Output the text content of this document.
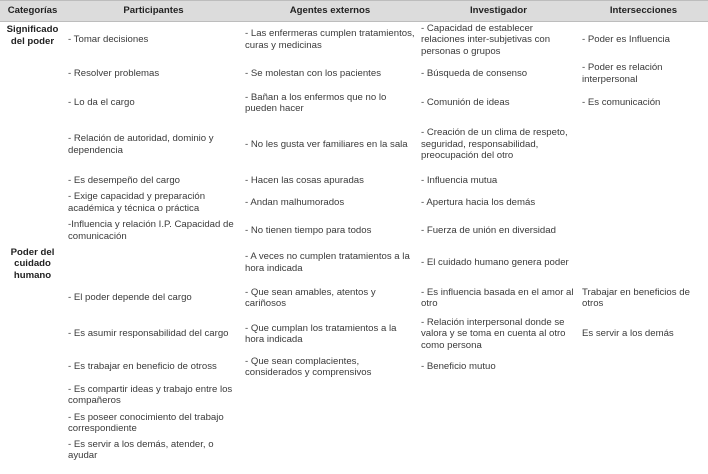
Categorías	Participantes	Agentes externos	Investigador	Intersecciones

Significado del poder	- Tomar decisiones	- Las enfermeras cumplen tratamientos, curas y medicinas	- Capacidad de establecer relaciones inter-subjetivas con personas o grupos	- Poder es Influencia

	- Resolver problemas	- Se molestan con los pacientes	- Búsqueda de consenso	- Poder es relación interpersonal

	- Lo da el cargo	- Bañan a los enfermos que no lo pueden hacer	- Comunión de ideas	- Es comunicación

	- Relación de autoridad, dominio y dependencia	- No les gusta ver familiares en la sala	- Creación de un clima de respeto, seguridad, responsabilidad, preocupación del otro	

	- Es desempeño del cargo	- Hacen las cosas apuradas	- Influencia mutua	

	- Exige capacidad y preparación académica y técnica o práctica	- Andan malhumorados	- Apertura hacia los demás	

	-Influencia y relación I.P. Capacidad de comunicación	- No tienen tiempo para todos	- Fuerza de unión en diversidad	

Poder del cuidado humano		- A veces no cumplen tratamientos a la hora indicada	- El cuidado humano genera poder	

	- El poder depende del cargo	- Que sean amables, atentos y cariñosos	- Es influencia basada en el amor al otro	Trabajar en beneficios de otros

	- Es asumir responsabilidad del cargo	- Que cumplan los tratamientos a la hora indicada	- Relación interpersonal donde se valora y se toma en cuenta al otro como persona	Es servir a los demás

	- Es trabajar en beneficio de otross	- Que sean complacientes, considerados y comprensivos	- Beneficio mutuo	

	- Es compartir ideas y trabajo entre los compañeros			

	- Es poseer conocimiento del trabajo correspondiente			

	- Es servir a los demás, atender, o ayudar			
